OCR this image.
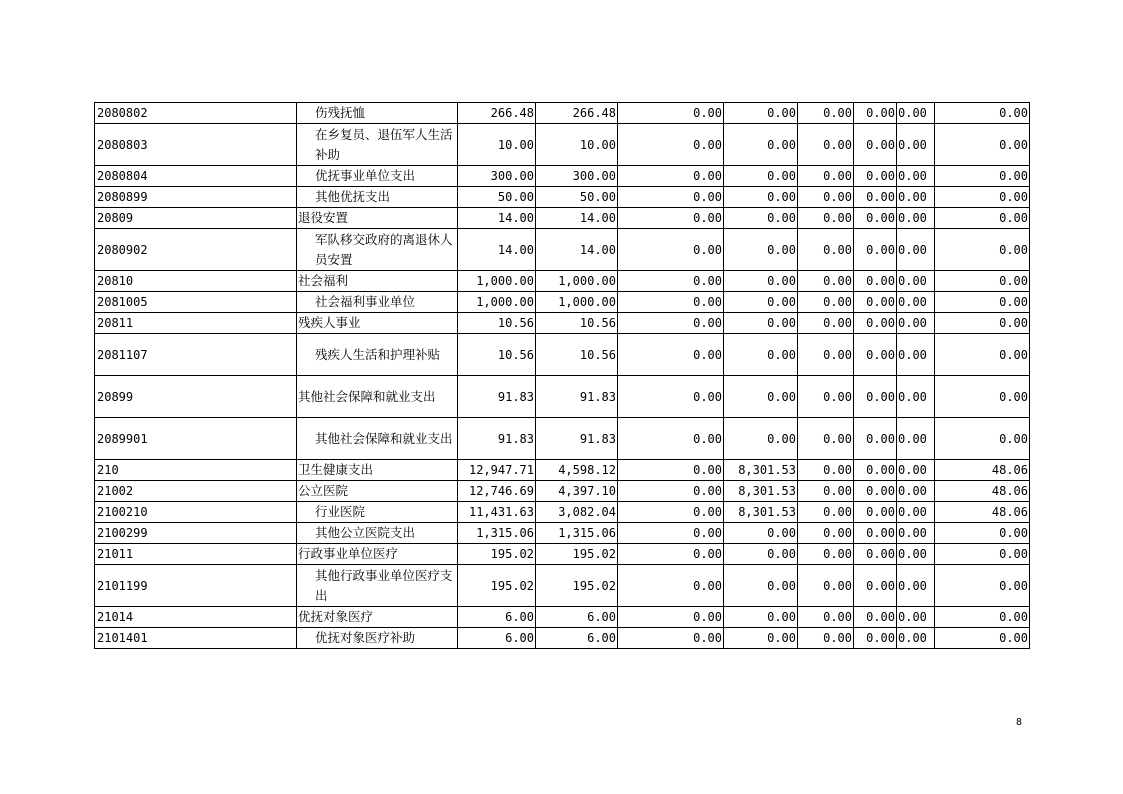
2080802	伤残抚恤	266.48	266.48	0.00	0.00	0.00	0.00	0.00	0.00
2080803	在乡复员、退伍军人生活补助	10.00	10.00	0.00	0.00	0.00	0.00	0.00	0.00
2080804	优抚事业单位支出	300.00	300.00	0.00	0.00	0.00	0.00	0.00	0.00
2080899	其他优抚支出	50.00	50.00	0.00	0.00	0.00	0.00	0.00	0.00
20809	退役安置	14.00	14.00	0.00	0.00	0.00	0.00	0.00	0.00
2080902	军队移交政府的离退休人员安置	14.00	14.00	0.00	0.00	0.00	0.00	0.00	0.00
20810	社会福利	1,000.00	1,000.00	0.00	0.00	0.00	0.00	0.00	0.00
2081005	社会福利事业单位	1,000.00	1,000.00	0.00	0.00	0.00	0.00	0.00	0.00
20811	残疾人事业	10.56	10.56	0.00	0.00	0.00	0.00	0.00	0.00
2081107	残疾人生活和护理补贴	10.56	10.56	0.00	0.00	0.00	0.00	0.00	0.00
20899	其他社会保障和就业支出	91.83	91.83	0.00	0.00	0.00	0.00	0.00	0.00
2089901	其他社会保障和就业支出	91.83	91.83	0.00	0.00	0.00	0.00	0.00	0.00
210	卫生健康支出	12,947.71	4,598.12	0.00	8,301.53	0.00	0.00	0.00	48.06
21002	公立医院	12,746.69	4,397.10	0.00	8,301.53	0.00	0.00	0.00	48.06
2100210	行业医院	11,431.63	3,082.04	0.00	8,301.53	0.00	0.00	0.00	48.06
2100299	其他公立医院支出	1,315.06	1,315.06	0.00	0.00	0.00	0.00	0.00	0.00
21011	行政事业单位医疗	195.02	195.02	0.00	0.00	0.00	0.00	0.00	0.00
2101199	其他行政事业单位医疗支出	195.02	195.02	0.00	0.00	0.00	0.00	0.00	0.00
21014	优抚对象医疗	6.00	6.00	0.00	0.00	0.00	0.00	0.00	0.00
2101401	优抚对象医疗补助	6.00	6.00	0.00	0.00	0.00	0.00	0.00	0.00
8
